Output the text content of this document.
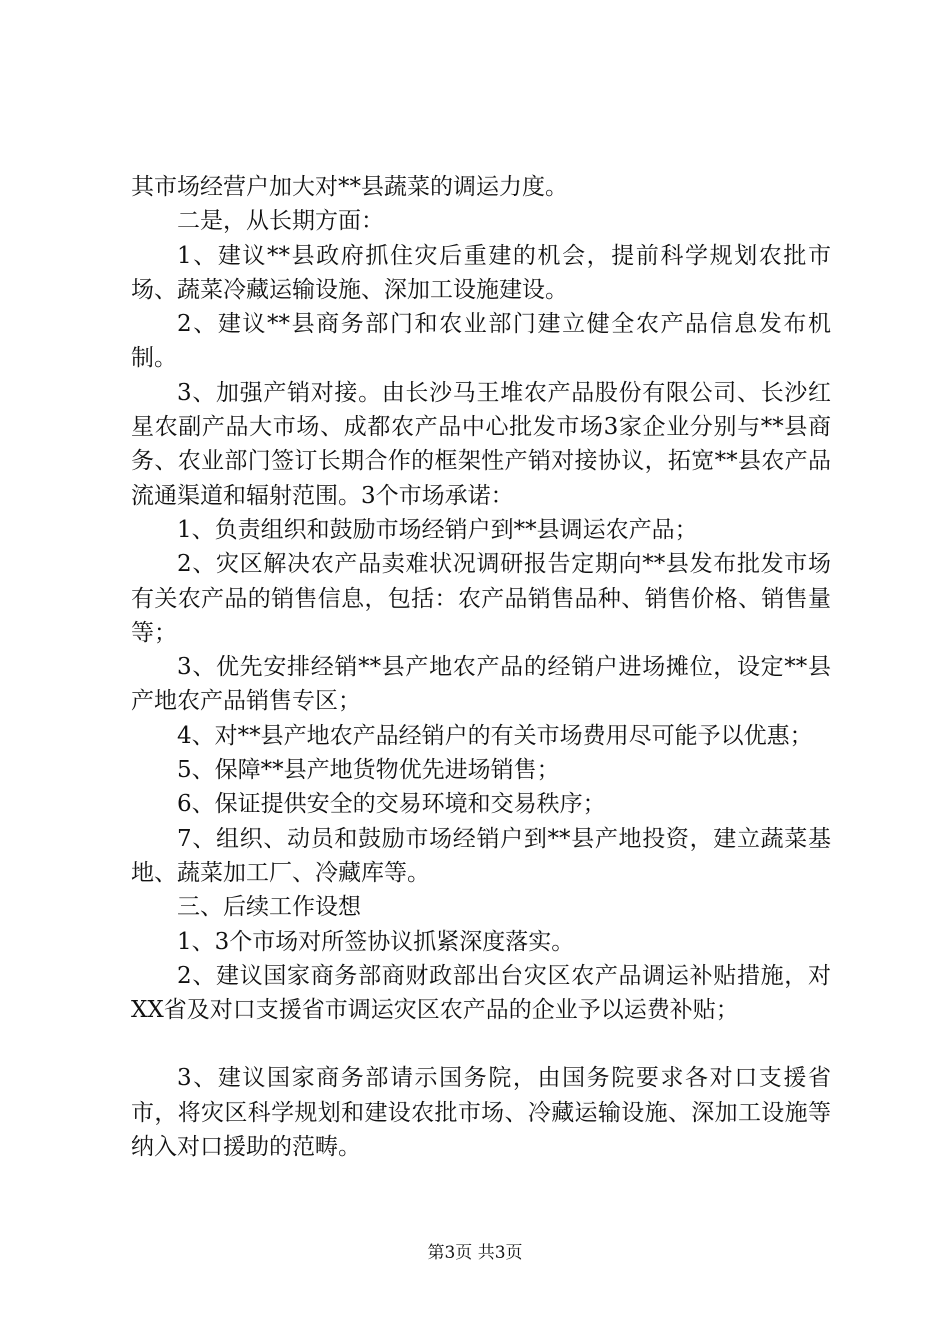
其市场经营户加大对**县蔬菜的调运力度。

二是，从长期方面：

1、建议**县政府抓住灾后重建的机会，提前科学规划农批市场、蔬菜冷藏运输设施、深加工设施建设。

2、建议**县商务部门和农业部门建立健全农产品信息发布机制。

3、加强产销对接。由长沙马王堆农产品股份有限公司、长沙红星农副产品大市场、成都农产品中心批发市场3家企业分别与**县商务、农业部门签订长期合作的框架性产销对接协议，拓宽**县农产品流通渠道和辐射范围。3个市场承诺：

1、负责组织和鼓励市场经销户到**县调运农产品；

2、灾区解决农产品卖难状况调研报告定期向**县发布批发市场有关农产品的销售信息，包括：农产品销售品种、销售价格、销售量等；

3、优先安排经销**县产地农产品的经销户进场摊位，设定**县产地农产品销售专区；

4、对**县产地农产品经销户的有关市场费用尽可能予以优惠；

5、保障**县产地货物优先进场销售；

6、保证提供安全的交易环境和交易秩序；

7、组织、动员和鼓励市场经销户到**县产地投资，建立蔬菜基地、蔬菜加工厂、冷藏库等。

三、后续工作设想

1、3个市场对所签协议抓紧深度落实。

2、建议国家商务部商财政部出台灾区农产品调运补贴措施，对XX省及对口支援省市调运灾区农产品的企业予以运费补贴；

3、建议国家商务部请示国务院，由国务院要求各对口支援省市，将灾区科学规划和建设农批市场、冷藏运输设施、深加工设施等纳入对口援助的范畴。

第3页 共3页
